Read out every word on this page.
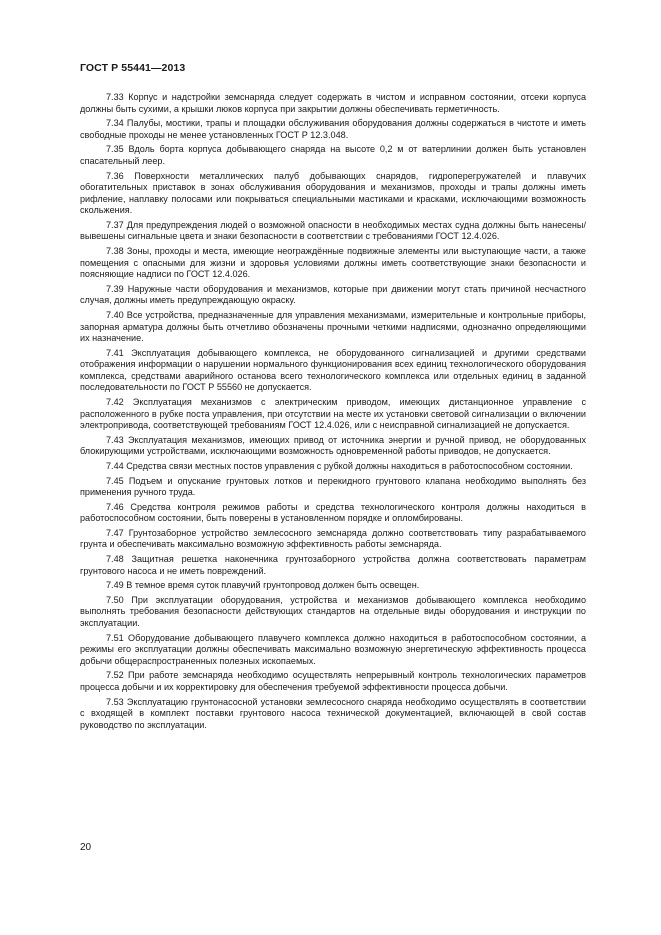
ГОСТ Р 55441—2013

7.33 Корпус и надстройки земснаряда следует содержать в чистом и исправном состоянии, отсеки корпуса должны быть сухими, а крышки люков корпуса при закрытии должны обеспечивать герметичность.

7.34 Палубы, мостики, трапы и площадки обслуживания оборудования должны содержаться в чистоте и иметь свободные проходы не менее установленных ГОСТ Р 12.3.048.

7.35 Вдоль борта корпуса добывающего снаряда на высоте 0,2 м от ватерлинии должен быть установлен спасательный леер.

7.36 Поверхности металлических палуб добывающих снарядов, гидроперегружателей и плавучих обогатительных приставок в зонах обслуживания оборудования и механизмов, проходы и трапы должны иметь рифление, наплавку полосами или покрываться специальными мастиками и красками, исключающими возможность скольжения.

7.37 Для предупреждения людей о возможной опасности в необходимых местах судна должны быть нанесены/вывешены сигнальные цвета и знаки безопасности в соответствии с требованиями ГОСТ 12.4.026.

7.38 Зоны, проходы и места, имеющие неограждённые подвижные элементы или выступающие части, а также помещения с опасными для жизни и здоровья условиями должны иметь соответствующие знаки безопасности и поясняющие надписи по ГОСТ 12.4.026.

7.39 Наружные части оборудования и механизмов, которые при движении могут стать причиной несчастного случая, должны иметь предупреждающую окраску.

7.40 Все устройства, предназначенные для управления механизмами, измерительные и контрольные приборы, запорная арматура должны быть отчетливо обозначены прочными четкими надписями, однозначно определяющими их назначение.

7.41 Эксплуатация добывающего комплекса, не оборудованного сигнализацией и другими средствами отображения информации о нарушении нормального функционирования всех единиц технологического оборудования комплекса, средствами аварийного останова всего технологического комплекса или отдельных единиц в заданной последовательности по ГОСТ Р 55560 не допускается.

7.42 Эксплуатация механизмов с электрическим приводом, имеющих дистанционное управление с расположенного в рубке поста управления, при отсутствии на месте их установки световой сигнализации о включении электропривода, соответствующей требованиям ГОСТ 12.4.026, или с неисправной сигнализацией не допускается.

7.43 Эксплуатация механизмов, имеющих привод от источника энергии и ручной привод, не оборудованных блокирующими устройствами, исключающими возможность одновременной работы приводов, не допускается.

7.44 Средства связи местных постов управления с рубкой должны находиться в работоспособном состоянии.

7.45 Подъем и опускание грунтовых лотков и перекидного грунтового клапана необходимо выполнять без применения ручного труда.

7.46 Средства контроля режимов работы и средства технологического контроля должны находиться в работоспособном состоянии, быть поверены в установленном порядке и опломбированы.

7.47 Грунтозаборное устройство землесосного земснаряда должно соответствовать типу разрабатываемого грунта и обеспечивать максимально возможную эффективность работы земснаряда.

7.48 Защитная решетка наконечника грунтозаборного устройства должна соответствовать параметрам грунтового насоса и не иметь повреждений.

7.49 В темное время суток плавучий грунтопровод должен быть освещен.

7.50 При эксплуатации оборудования, устройства и механизмов добывающего комплекса необходимо выполнять требования безопасности действующих стандартов на отдельные виды оборудования и инструкции по эксплуатации.

7.51 Оборудование добывающего плавучего комплекса должно находиться в работоспособном состоянии, а режимы его эксплуатации должны обеспечивать максимально возможную энергетическую эффективность процесса добычи общераспространенных полезных ископаемых.

7.52 При работе земснаряда необходимо осуществлять непрерывный контроль технологических параметров процесса добычи и их корректировку для обеспечения требуемой эффективности процесса добычи.

7.53 Эксплуатацию грунтонасосной установки землесосного снаряда необходимо осуществлять в соответствии с входящей в комплект поставки грунтового насоса технической документацией, включающей в свой состав руководство по эксплуатации.

20
